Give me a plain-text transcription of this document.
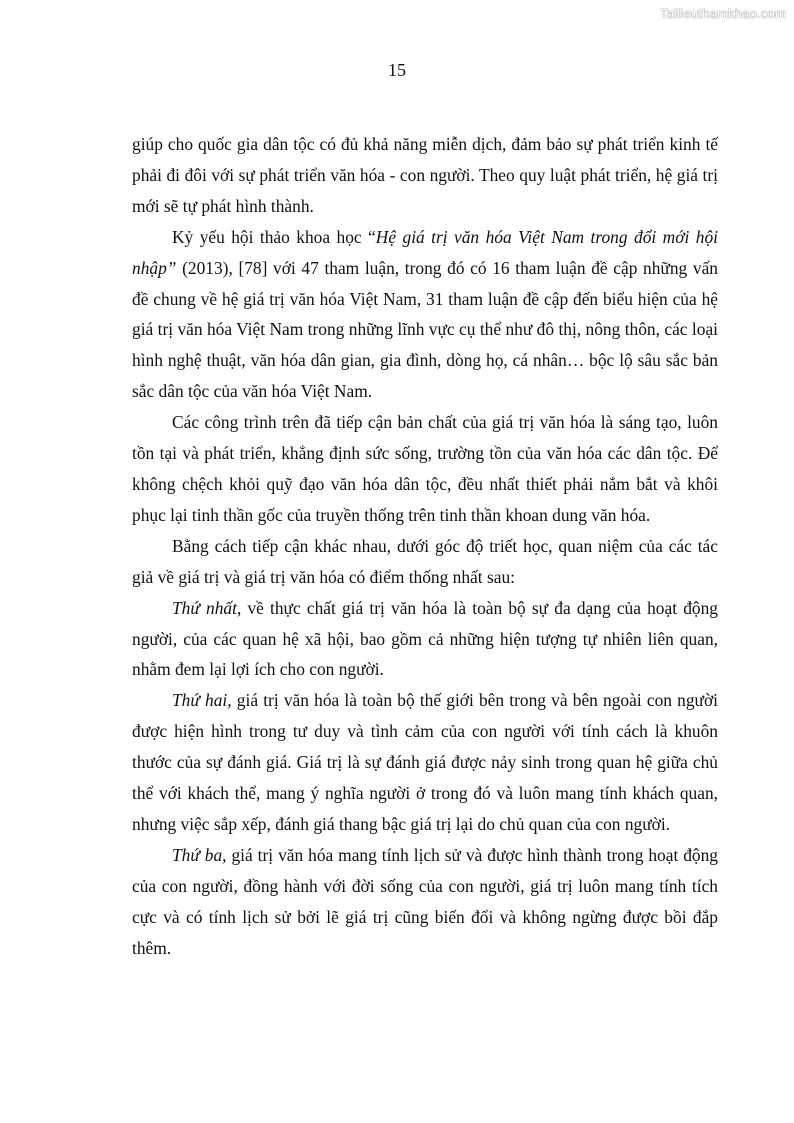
Tailieuthamkhao.com
15

giúp cho quốc gia dân tộc có đủ khả năng miễn dịch, đảm bảo sự phát triển kinh tế phải đi đôi với sự phát triển văn hóa - con người. Theo quy luật phát triển, hệ giá trị mới sẽ tự phát hình thành.

Kỷ yếu hội thảo khoa học “Hệ giá trị văn hóa Việt Nam trong đổi mới hội nhập” (2013), [78] với 47 tham luận, trong đó có 16 tham luận đề cập những vấn đề chung về hệ giá trị văn hóa Việt Nam, 31 tham luận đề cập đến biểu hiện của hệ giá trị văn hóa Việt Nam trong những lĩnh vực cụ thể như đô thị, nông thôn, các loại hình nghệ thuật, văn hóa dân gian, gia đình, dòng họ, cá nhân… bộc lộ sâu sắc bản sắc dân tộc của văn hóa Việt Nam.

Các công trình trên đã tiếp cận bản chất của giá trị văn hóa là sáng tạo, luôn tồn tại và phát triển, khẳng định sức sống, trường tồn của văn hóa các dân tộc. Để không chệch khỏi quỹ đạo văn hóa dân tộc, đều nhất thiết phải nắm bắt và khôi phục lại tinh thần gốc của truyền thống trên tinh thần khoan dung văn hóa.

Bằng cách tiếp cận khác nhau, dưới góc độ triết học, quan niệm của các tác giả về giá trị và giá trị văn hóa có điểm thống nhất sau:

Thứ nhất, về thực chất giá trị văn hóa là toàn bộ sự đa dạng của hoạt động người, của các quan hệ xã hội, bao gồm cả những hiện tượng tự nhiên liên quan, nhằm đem lại lợi ích cho con người.

Thứ hai, giá trị văn hóa là toàn bộ thế giới bên trong và bên ngoài con người được hiện hình trong tư duy và tình cảm của con người với tính cách là khuôn thước của sự đánh giá. Giá trị là sự đánh giá được nảy sinh trong quan hệ giữa chủ thể với khách thể, mang ý nghĩa người ở trong đó và luôn mang tính khách quan, nhưng việc sắp xếp, đánh giá thang bậc giá trị lại do chủ quan của con người.

Thứ ba, giá trị văn hóa mang tính lịch sử và được hình thành trong hoạt động của con người, đồng hành với đời sống của con người, giá trị luôn mang tính tích cực và có tính lịch sử bởi lẽ giá trị cũng biến đổi và không ngừng được bồi đắp thêm.
